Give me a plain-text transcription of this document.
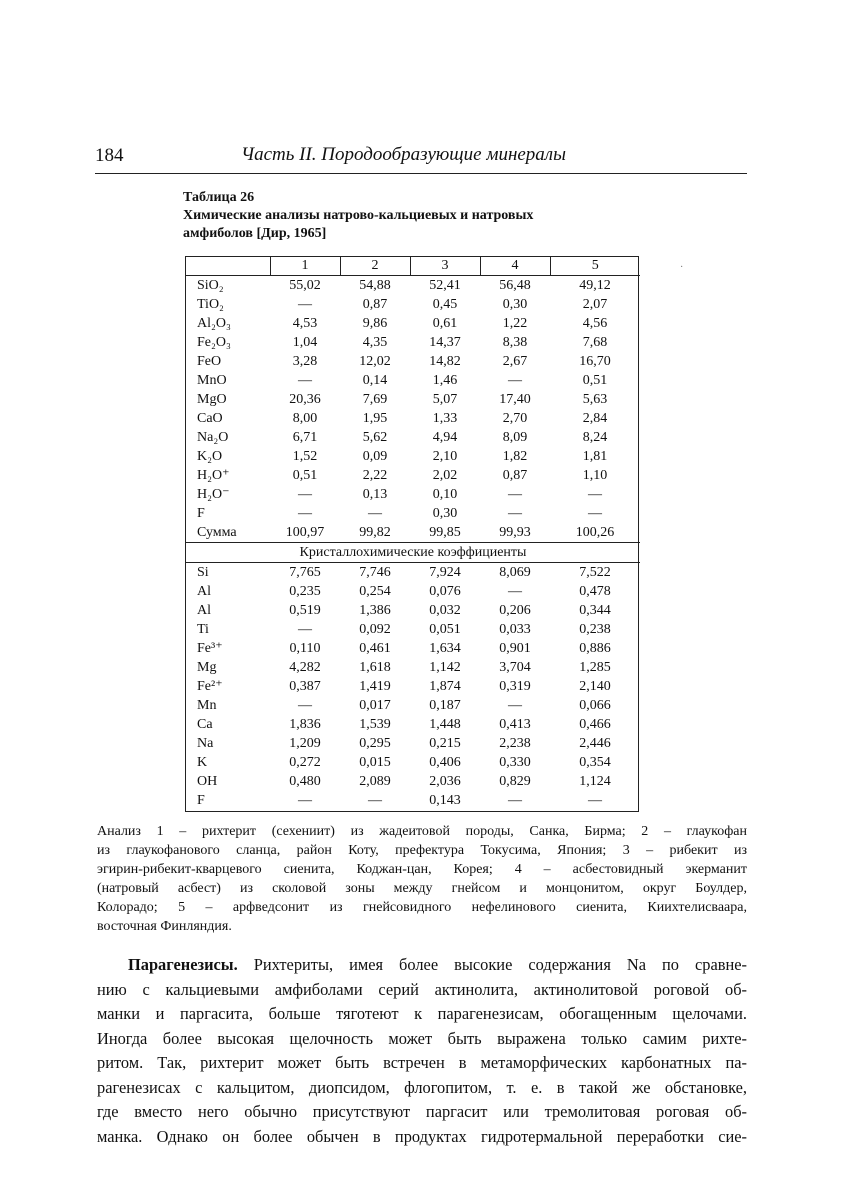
184	Часть II. Породообразующие минералы
Таблица 26
Химические анализы натрово-кальциевых и натровых
амфиболов [Дир, 1965]
·
	1	2	3	4	5
SiO₂	55,02	54,88	52,41	56,48	49,12
TiO₂	—	0,87	0,45	0,30	2,07
Al₂O₃	4,53	9,86	0,61	1,22	4,56
Fe₂O₃	1,04	4,35	14,37	8,38	7,68
FeO	3,28	12,02	14,82	2,67	16,70
MnO	—	0,14	1,46	—	0,51
MgO	20,36	7,69	5,07	17,40	5,63
CaO	8,00	1,95	1,33	2,70	2,84
Na₂O	6,71	5,62	4,94	8,09	8,24
K₂O	1,52	0,09	2,10	1,82	1,81
H₂O⁺	0,51	2,22	2,02	0,87	1,10
H₂O⁻	—	0,13	0,10	—	—
F	—	—	0,30	—	—
Сумма	100,97	99,82	99,85	99,93	100,26
Кристаллохимические коэффициенты					
Si	7,765	7,746	7,924	8,069	7,522
Al	0,235	0,254	0,076	—	0,478
Al	0,519	1,386	0,032	0,206	0,344
Ti	—	0,092	0,051	0,033	0,238
Fe³⁺	0,110	0,461	1,634	0,901	0,886
Mg	4,282	1,618	1,142	3,704	1,285
Fe²⁺	0,387	1,419	1,874	0,319	2,140
Mn	—	0,017	0,187	—	0,066
Ca	1,836	1,539	1,448	0,413	0,466
Na	1,209	0,295	0,215	2,238	2,446
K	0,272	0,015	0,406	0,330	0,354
OH	0,480	2,089	2,036	0,829	1,124
F	—	—	0,143	—	—
Анализ 1 – рихтерит (сехениит) из жадеитовой породы, Санка, Бирма; 2 – глаукофан
из глаукофанового сланца, район Коту, префектура Токусима, Япония; 3 – рибекит из
эгирин-рибекит-кварцевого сиенита, Коджан-цан, Корея; 4 – асбестовидный экерманит
(натровый асбест) из сколовой зоны между гнейсом и монцонитом, округ Боулдер,
Колорадо; 5 – арфведсонит из гнейсовидного нефелинового сиенита, Киихтелисваара,
восточная Финляндия.
Парагенезисы. Рихтериты, имея более высокие содержания Na по сравне-
нию с кальциевыми амфиболами серий актинолита, актинолитовой роговой об-
манки и паргасита, больше тяготеют к парагенезисам, обогащенным щелочами.
Иногда более высокая щелочность может быть выражена только самим рихте-
ритом. Так, рихтерит может быть встречен в метаморфических карбонатных па-
рагенезисах с кальцитом, диопсидом, флогопитом, т. е. в такой же обстановке,
где вместо него обычно присутствуют паргасит или тремолитовая роговая об-
манка. Однако он более обычен в продуктах гидротермальной переработки сие-
